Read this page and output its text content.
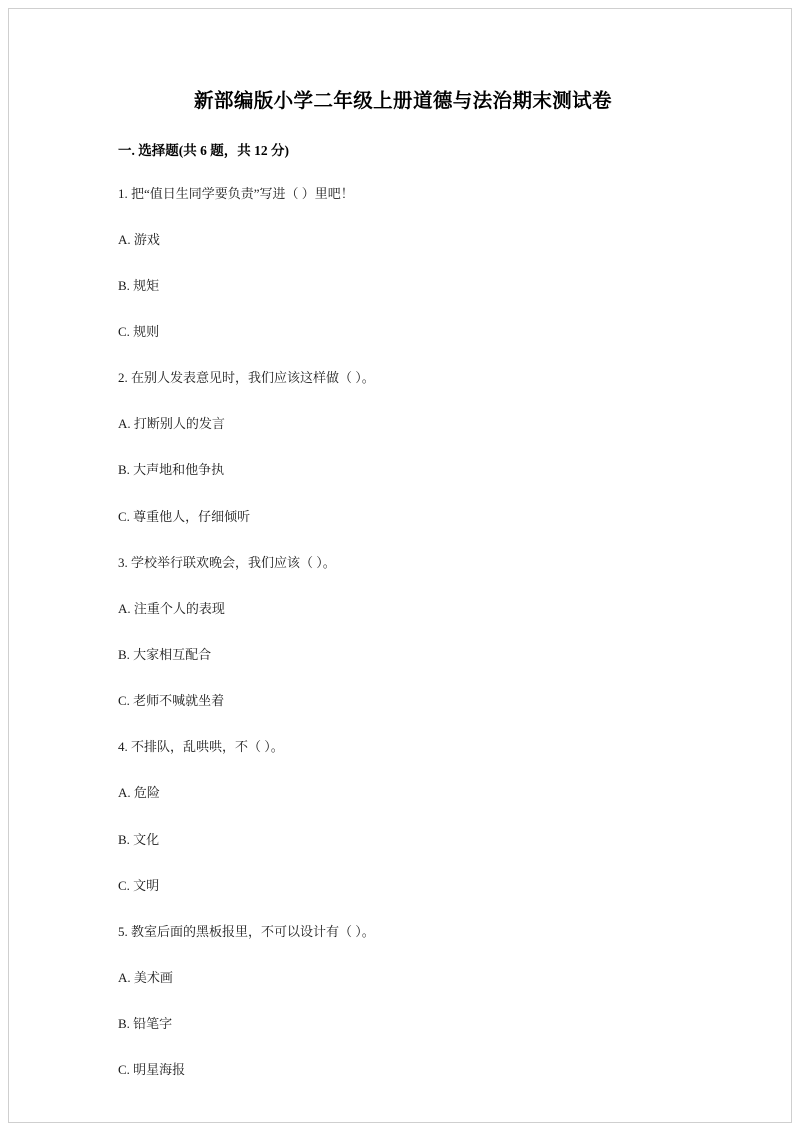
新部编版小学二年级上册道德与法治期末测试卷
一. 选择题(共 6 题，共 12 分)

1. 把“值日生同学要负责”写进（ ）里吧！

A. 游戏

B. 规矩

C. 规则

2. 在别人发表意见时，我们应该这样做（ ）。

A. 打断别人的发言

B. 大声地和他争执

C. 尊重他人，仔细倾听

3. 学校举行联欢晚会，我们应该（ ）。

A. 注重个人的表现

B. 大家相互配合

C. 老师不喊就坐着

4. 不排队，乱哄哄，不（ ）。

A. 危险

B. 文化

C. 文明

5. 教室后面的黑板报里，不可以设计有（ ）。

A. 美术画

B. 铅笔字

C. 明星海报
